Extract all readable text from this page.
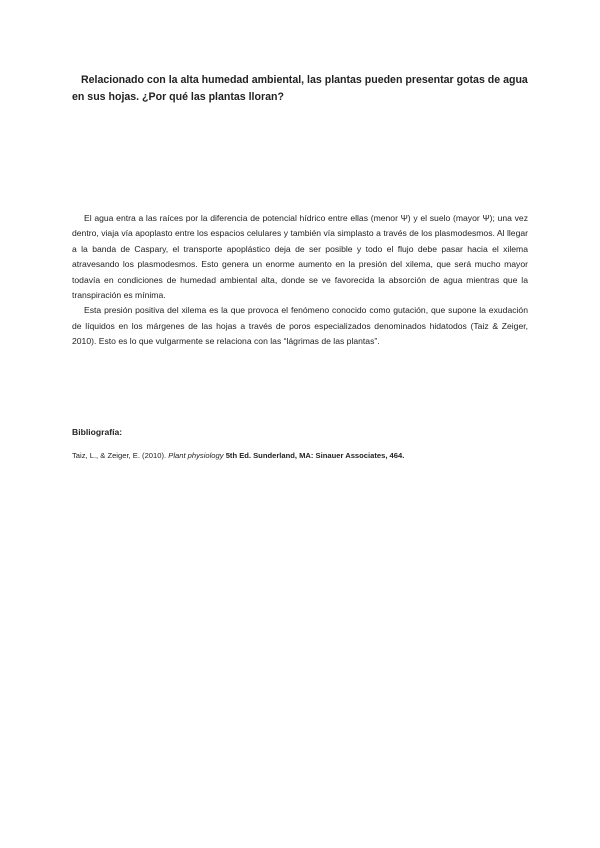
Relacionado con la alta humedad ambiental, las plantas pueden presentar gotas de agua en sus hojas. ¿Por qué las plantas lloran?

El agua entra a las raíces por la diferencia de potencial hídrico entre ellas (menor Ψ) y el suelo (mayor Ψ); una vez dentro, viaja vía apoplasto entre los espacios celulares y también vía simplasto a través de los plasmodesmos. Al llegar a la banda de Caspary, el transporte apoplástico deja de ser posible y todo el flujo debe pasar hacia el xilema atravesando los plasmodesmos. Esto genera un enorme aumento en la presión del xilema, que será mucho mayor todavía en condiciones de humedad ambiental alta, donde se ve favorecida la absorción de agua mientras que la transpiración es mínima.

Esta presión positiva del xilema es la que provoca el fenómeno conocido como gutación, que supone la exudación de líquidos en los márgenes de las hojas a través de poros especializados denominados hidatodos (Taiz & Zeiger, 2010). Esto es lo que vulgarmente se relaciona con las “lágrimas de las plantas”.

Bibliografía:
Taiz, L., & Zeiger, E. (2010). Plant physiology 5th Ed. Sunderland, MA: Sinauer Associates, 464.
